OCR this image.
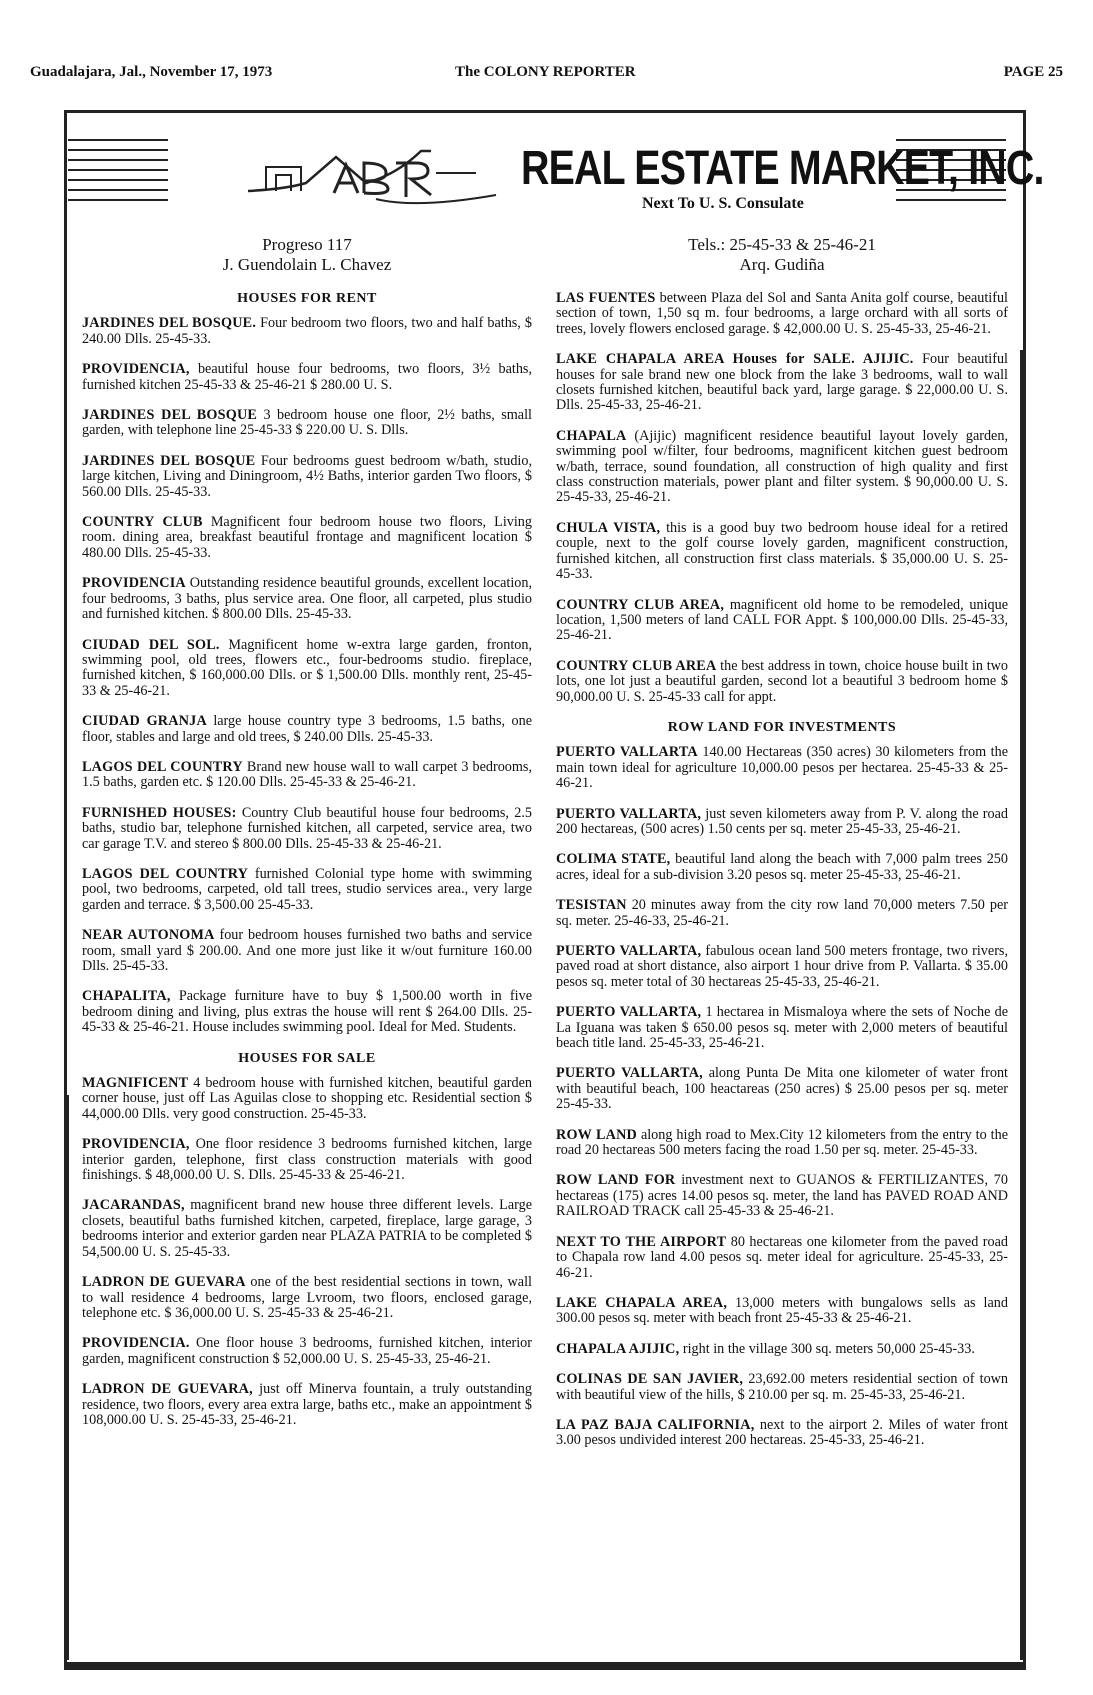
Guadalajara, Jal., November 17, 1973	The COLONY REPORTER	PAGE 25
REAL ESTATE MARKET, INC.
Next To U. S. Consulate
Progreso 117
J. Guendolain L. Chavez
HOUSES FOR RENT

JARDINES DEL BOSQUE. Four bedroom two floors, two and half baths, $ 240.00 Dlls. 25-45-33.

PROVIDENCIA, beautiful house four bedrooms, two floors, 3½ baths, furnished kitchen 25-45-33 & 25-46-21 $ 280.00 U. S.

JARDINES DEL BOSQUE 3 bedroom house one floor, 2½ baths, small garden, with telephone line 25-45-33 $ 220.00 U. S. Dlls.

JARDINES DEL BOSQUE Four bedrooms guest bedroom w/bath, studio, large kitchen, Living and Diningroom, 4½ Baths, interior garden Two floors, $ 560.00 Dlls. 25-45-33.

COUNTRY CLUB Magnificent four bedroom house two floors, Living room. dining area, breakfast beautiful frontage and magnificent location $ 480.00 Dlls. 25-45-33.

PROVIDENCIA Outstanding residence beautiful grounds, excellent location, four bedrooms, 3 baths, plus service area. One floor, all carpeted, plus studio and furnished kitchen. $ 800.00 Dlls. 25-45-33.

CIUDAD DEL SOL. Magnificent home w-extra large garden, fronton, swimming pool, old trees, flowers etc., four-bedrooms studio. fireplace, furnished kitchen, $ 160,000.00 Dlls. or $ 1,500.00 Dlls. monthly rent, 25-45-33 & 25-46-21.

CIUDAD GRANJA large house country type 3 bedrooms, 1.5 baths, one floor, stables and large and old trees, $ 240.00 Dlls. 25-45-33.

LAGOS DEL COUNTRY Brand new house wall to wall carpet 3 bedrooms, 1.5 baths, garden etc. $ 120.00 Dlls. 25-45-33 & 25-46-21.

FURNISHED HOUSES: Country Club beautiful house four bedrooms, 2.5 baths, studio bar, telephone furnished kitchen, all carpeted, service area, two car garage T.V. and stereo $ 800.00 Dlls. 25-45-33 & 25-46-21.

LAGOS DEL COUNTRY furnished Colonial type home with swimming pool, two bedrooms, carpeted, old tall trees, studio services area., very large garden and terrace. $ 3,500.00 25-45-33.

NEAR AUTONOMA four bedroom houses furnished two baths and service room, small yard $ 200.00. And one more just like it w/out furniture 160.00 Dlls. 25-45-33.

CHAPALITA, Package furniture have to buy $ 1,500.00 worth in five bedroom dining and living, plus extras the house will rent $ 264.00 Dlls. 25-45-33 & 25-46-21. House includes swimming pool. Ideal for Med. Students.

HOUSES FOR SALE

MAGNIFICENT 4 bedroom house with furnished kitchen, beautiful garden corner house, just off Las Aguilas close to shopping etc. Residential section $ 44,000.00 Dlls. very good construction. 25-45-33.

PROVIDENCIA, One floor residence 3 bedrooms furnished kitchen, large interior garden, telephone, first class construction materials with good finishings. $ 48,000.00 U. S. Dlls. 25-45-33 & 25-46-21.

JACARANDAS, magnificent brand new house three different levels. Large closets, beautiful baths furnished kitchen, carpeted, fireplace, large garage, 3 bedrooms interior and exterior garden near PLAZA PATRIA to be completed $ 54,500.00 U. S. 25-45-33.

LADRON DE GUEVARA one of the best residential sections in town, wall to wall residence 4 bedrooms, large Lvroom, two floors, enclosed garage, telephone etc. $ 36,000.00 U. S. 25-45-33 & 25-46-21.

PROVIDENCIA. One floor house 3 bedrooms, furnished kitchen, interior garden, magnificent construction $ 52,000.00 U. S. 25-45-33, 25-46-21.

LADRON DE GUEVARA, just off Minerva fountain, a truly outstanding residence, two floors, every area extra large, baths etc., make an appointment $ 108,000.00 U. S. 25-45-33, 25-46-21.

Tels.: 25-45-33 & 25-46-21
Arq. Gudiña

LAS FUENTES between Plaza del Sol and Santa Anita golf course, beautiful section of town, 1,50 sq m. four bedrooms, a large orchard with all sorts of trees, lovely flowers enclosed garage. $ 42,000.00 U. S. 25-45-33, 25-46-21.

LAKE CHAPALA AREA Houses for SALE. AJIJIC. Four beautiful houses for sale brand new one block from the lake 3 bedrooms, wall to wall closets furnished kitchen, beautiful back yard, large garage. $ 22,000.00 U. S. Dlls. 25-45-33, 25-46-21.

CHAPALA (Ajijic) magnificent residence beautiful layout lovely garden, swimming pool w/filter, four bedrooms, magnificent kitchen guest bedroom w/bath, terrace, sound foundation, all construction of high quality and first class construction materials, power plant and filter system. $ 90,000.00 U. S. 25-45-33, 25-46-21.

CHULA VISTA, this is a good buy two bedroom house ideal for a retired couple, next to the golf course lovely garden, magnificent construction, furnished kitchen, all construction first class materials. $ 35,000.00 U. S. 25-45-33.

COUNTRY CLUB AREA, magnificent old home to be remodeled, unique location, 1,500 meters of land CALL FOR Appt. $ 100,000.00 Dlls. 25-45-33, 25-46-21.

COUNTRY CLUB AREA the best address in town, choice house built in two lots, one lot just a beautiful garden, second lot a beautiful 3 bedroom home $ 90,000.00 U. S. 25-45-33 call for appt.

ROW LAND FOR INVESTMENTS

PUERTO VALLARTA 140.00 Hectareas (350 acres) 30 kilometers from the main town ideal for agriculture 10,000.00 pesos per hectarea. 25-45-33 & 25-46-21.

PUERTO VALLARTA, just seven kilometers away from P. V. along the road 200 hectareas, (500 acres) 1.50 cents per sq. meter 25-45-33, 25-46-21.

COLIMA STATE, beautiful land along the beach with 7,000 palm trees 250 acres, ideal for a sub-division 3.20 pesos sq. meter 25-45-33, 25-46-21.

TESISTAN 20 minutes away from the city row land 70,000 meters 7.50 per sq. meter. 25-46-33, 25-46-21.

PUERTO VALLARTA, fabulous ocean land 500 meters frontage, two rivers, paved road at short distance, also airport 1 hour drive from P. Vallarta. $ 35.00 pesos sq. meter total of 30 hectareas 25-45-33, 25-46-21.

PUERTO VALLARTA, 1 hectarea in Mismaloya where the sets of Noche de La Iguana was taken $ 650.00 pesos sq. meter with 2,000 meters of beautiful beach title land. 25-45-33, 25-46-21.

PUERTO VALLARTA, along Punta De Mita one kilometer of water front with beautiful beach, 100 heactareas (250 acres) $ 25.00 pesos per sq. meter 25-45-33.

ROW LAND along high road to Mex.City 12 kilometers from the entry to the road 20 hectareas 500 meters facing the road 1.50 per sq. meter. 25-45-33.

ROW LAND FOR investment next to GUANOS & FERTILIZANTES, 70 hectareas (175) acres 14.00 pesos sq. meter, the land has PAVED ROAD AND RAILROAD TRACK call 25-45-33 & 25-46-21.

NEXT TO THE AIRPORT 80 hectareas one kilometer from the paved road to Chapala row land 4.00 pesos sq. meter ideal for agriculture. 25-45-33, 25-46-21.

LAKE CHAPALA AREA, 13,000 meters with bungalows sells as land 300.00 pesos sq. meter with beach front 25-45-33 & 25-46-21.

CHAPALA AJIJIC, right in the village 300 sq. meters 50,000 25-45-33.

COLINAS DE SAN JAVIER, 23,692.00 meters residential section of town with beautiful view of the hills, $ 210.00 per sq. m. 25-45-33, 25-46-21.

LA PAZ BAJA CALIFORNIA, next to the airport 2. Miles of water front 3.00 pesos undivided interest 200 hectareas. 25-45-33, 25-46-21.
